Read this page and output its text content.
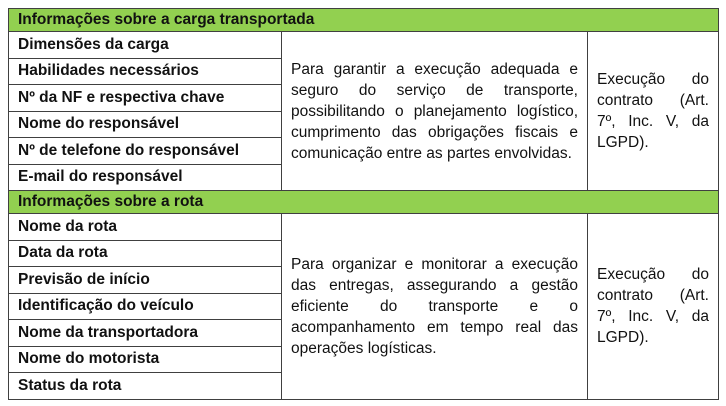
Informações sobre a carga transportada		
Dimensões da carga	Para garantir a execução adequada e seguro do serviço de transporte, possibilitando o planejamento logístico, cumprimento das obrigações fiscais e comunicação entre as partes envolvidas.	Execução do contrato (Art. 7º, Inc. V, da LGPD).
Habilidades necessários		
Nº da NF e respectiva chave		
Nome do responsável		
Nº de telefone do responsável		
E-mail do responsável		
Informações sobre a rota		
Nome da rota	Para organizar e monitorar a execução das entregas, assegurando a gestão eficiente do transporte e o acompanhamento em tempo real das operações logísticas.	Execução do contrato (Art. 7º, Inc. V, da LGPD).
Data da rota		
Previsão de início		
Identificação do veículo		
Nome da transportadora		
Nome do motorista		
Status da rota		
